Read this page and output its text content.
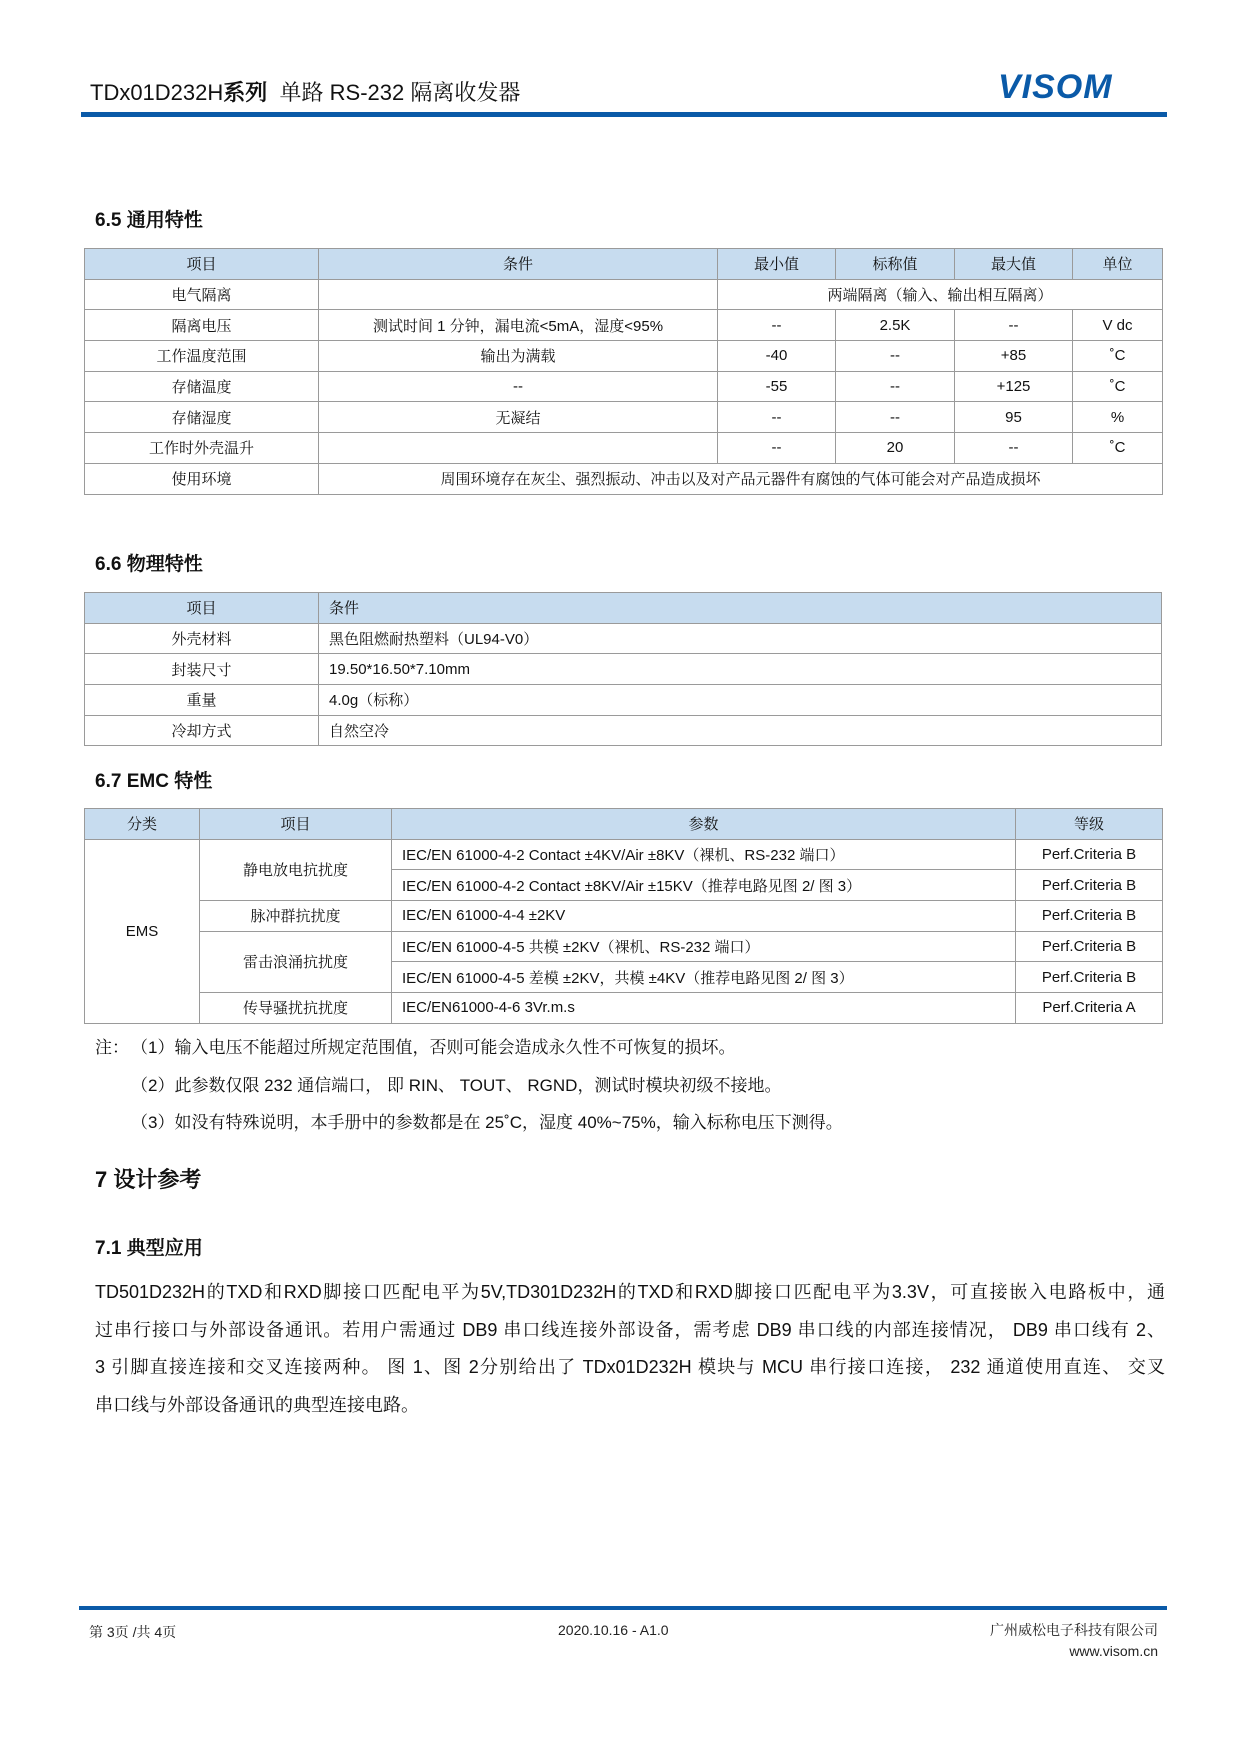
TDx01D232H系列 单路 RS-232 隔离收发器	VISOM
6.5 通用特性
项目	条件	最小值	标称值	最大值	单位
电气隔离		两端隔离（输入、输出相互隔离）			
隔离电压	测试时间 1 分钟，漏电流<5mA，湿度<95%	--	2.5K	--	V dc
工作温度范围	输出为满载	-40	--	+85	˚C
存储温度	--	-55	--	+125	˚C
存储湿度	无凝结	--	--	95	%
工作时外壳温升		--	20	--	˚C
使用环境	周围环境存在灰尘、强烈振动、冲击以及对产品元器件有腐蚀的气体可能会对产品造成损坏				
6.6 物理特性
项目	条件
外壳材料	黑色阻燃耐热塑料（UL94-V0）
封装尺寸	19.50*16.50*7.10mm
重量	4.0g（标称）
冷却方式	自然空冷
6.7 EMC 特性
分类	项目	参数	等级
EMS	静电放电抗扰度	IEC/EN 61000-4-2 Contact ±4KV/Air ±8KV（裸机、RS-232 端口）	Perf.Criteria B
		IEC/EN 61000-4-2 Contact ±8KV/Air ±15KV（推荐电路见图 2/ 图 3）	Perf.Criteria B
	脉冲群抗扰度	IEC/EN 61000-4-4 ±2KV	Perf.Criteria B
	雷击浪涌抗扰度	IEC/EN 61000-4-5 共模 ±2KV（裸机、RS-232 端口）	Perf.Criteria B
		IEC/EN 61000-4-5 差模 ±2KV，共模 ±4KV（推荐电路见图 2/ 图 3）	Perf.Criteria B
	传导骚扰抗扰度	IEC/EN61000-4-6 3Vr.m.s	Perf.Criteria A
注： （1）输入电压不能超过所规定范围值，否则可能会造成永久性不可恢复的损坏。
（2）此参数仅限 232 通信端口， 即 RIN、 TOUT、 RGND，测试时模块初级不接地。
（3）如没有特殊说明，本手册中的参数都是在 25˚C，湿度 40%~75%，输入标称电压下测得。
7 设计参考
7.1 典型应用
TD501D232H的TXD和RXD脚接口匹配电平为5V,TD301D232H的TXD和RXD脚接口匹配电平为3.3V，可直接嵌入电路板中，通
过串行接口与外部设备通讯。若用户需通过 DB9 串口线连接外部设备，需考虑 DB9 串口线的内部连接情况， DB9 串口线有 2、
3 引脚直接连接和交叉连接两种。 图 1、图 2分别给出了 TDx01D232H 模块与 MCU 串行接口连接， 232 通道使用直连、 交叉
串口线与外部设备通讯的典型连接电路。
第 3页 /共 4页	2020.10.16 - A1.0	广州威松电子科技有限公司
www.visom.cn
